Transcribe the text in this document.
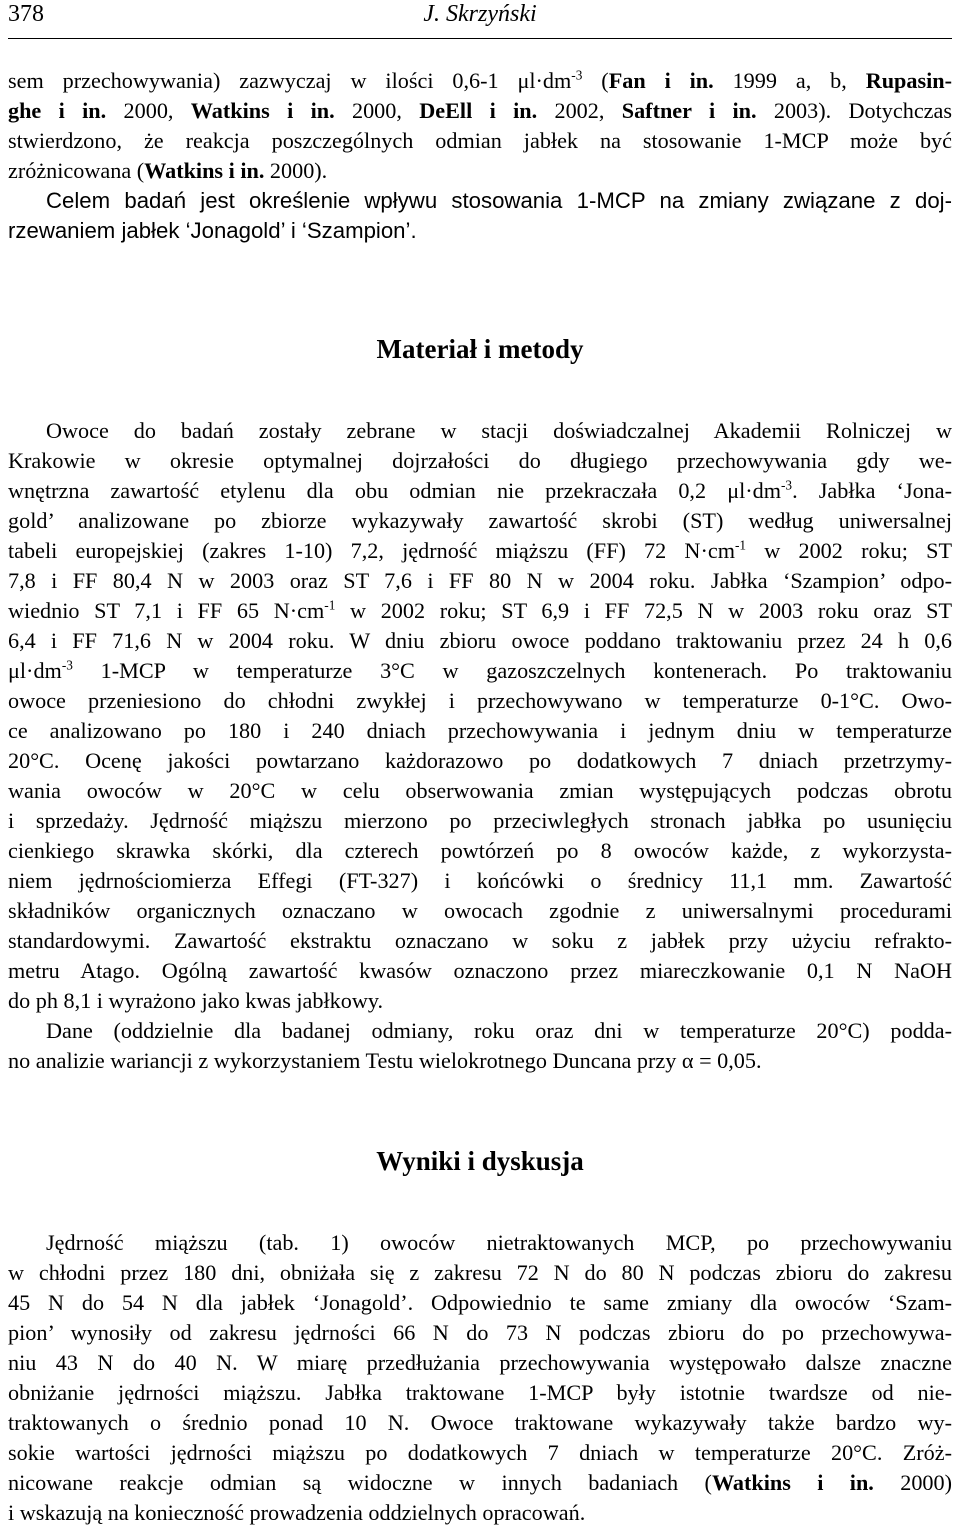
378	J. Skrzyński
sem przechowywania) zazwyczaj w ilości 0,6-1 $\mu l\cdot dm^{-3}$ (Fan i in. 1999 a, b, Rupasin-
ghe i in. 2000, Watkins i in. 2000, DeEll i in. 2002, Saftner i in. 2003). Dotychczas
stwierdzono, że reakcja poszczególnych odmian jabłek na stosowanie 1-MCP może być
zróżnicowana (Watkins i in. 2000).
Celem badań jest określenie wpływu stosowania 1-MCP na zmiany związane z doj-
rzewaniem jabłek ‘Jonagold’ i ‘Szampion’.
Materiał i metody
Owoce do badań zostały zebrane w stacji doświadczalnej Akademii Rolniczej w
Krakowie w okresie optymalnej dojrzałości do długiego przechowywania gdy we-
wnętrzna zawartość etylenu dla obu odmian nie przekraczała 0,2 $\mu l\cdot dm^{-3}$. Jabłka ‘Jona-
gold’ analizowane po zbiorze wykazywały zawartość skrobi (ST) według uniwersalnej
tabeli europejskiej (zakres 1-10) 7,2, jędrność miąższu (FF) 72 $N\cdot cm^{-1}$ w 2002 roku; ST
7,8 i FF 80,4 N w 2003 oraz ST 7,6 i FF 80 N w 2004 roku. Jabłka ‘Szampion’ odpo-
wiednio ST 7,1 i FF 65 $N\cdot cm^{-1}$ w 2002 roku; ST 6,9 i FF 72,5 N w 2003 roku oraz ST
6,4 i FF 71,6 N w 2004 roku. W dniu zbioru owoce poddano traktowaniu przez 24 h 0,6
$\mu l\cdot dm^{-3}$ 1-MCP w temperaturze 3°C w gazoszczelnych kontenerach. Po traktowaniu
owoce przeniesiono do chłodni zwykłej i przechowywano w temperaturze 0-1°C. Owo-
ce analizowano po 180 i 240 dniach przechowywania i jednym dniu w temperaturze
20°C. Ocenę jakości powtarzano każdorazowo po dodatkowych 7 dniach przetrzymy-
wania owoców w 20°C w celu obserwowania zmian występujących podczas obrotu
i sprzedaży. Jędrność miąższu mierzono po przeciwległych stronach jabłka po usunięciu
cienkiego skrawka skórki, dla czterech powtórzeń po 8 owoców każde, z wykorzysta-
niem jędrnościomierza Effegi (FT-327) i końcówki o średnicy 11,1 mm. Zawartość
składników organicznych oznaczano w owocach zgodnie z uniwersalnymi procedurami
standardowymi. Zawartość ekstraktu oznaczano w soku z jabłek przy użyciu refrakto-
metru Atago. Ogólną zawartość kwasów oznaczono przez miareczkowanie 0,1 N NaOH
do ph 8,1 i wyrażono jako kwas jabłkowy.
Dane (oddzielnie dla badanej odmiany, roku oraz dni w temperaturze 20°C) podda-
no analizie wariancji z wykorzystaniem Testu wielokrotnego Duncana przy α = 0,05.
Wyniki i dyskusja
Jędrność miąższu (tab. 1) owoców nietraktowanych MCP, po przechowywaniu
w chłodni przez 180 dni, obniżała się z zakresu 72 N do 80 N podczas zbioru do zakresu
45 N do 54 N dla jabłek ‘Jonagold’. Odpowiednio te same zmiany dla owoców ‘Szam-
pion’ wynosiły od zakresu jędrności 66 N do 73 N podczas zbioru do po przechowywa-
niu 43 N do 40 N. W miarę przedłużania przechowywania występowało dalsze znaczne
obniżanie jędrności miąższu. Jabłka traktowane 1-MCP były istotnie twardsze od nie-
traktowanych o średnio ponad 10 N. Owoce traktowane wykazywały także bardzo wy-
sokie wartości jędrności miąższu po dodatkowych 7 dniach w temperaturze 20°C. Zróż-
nicowane reakcje odmian są widoczne w innych badaniach (Watkins i in. 2000)
i wskazują na konieczność prowadzenia oddzielnych opracowań.
